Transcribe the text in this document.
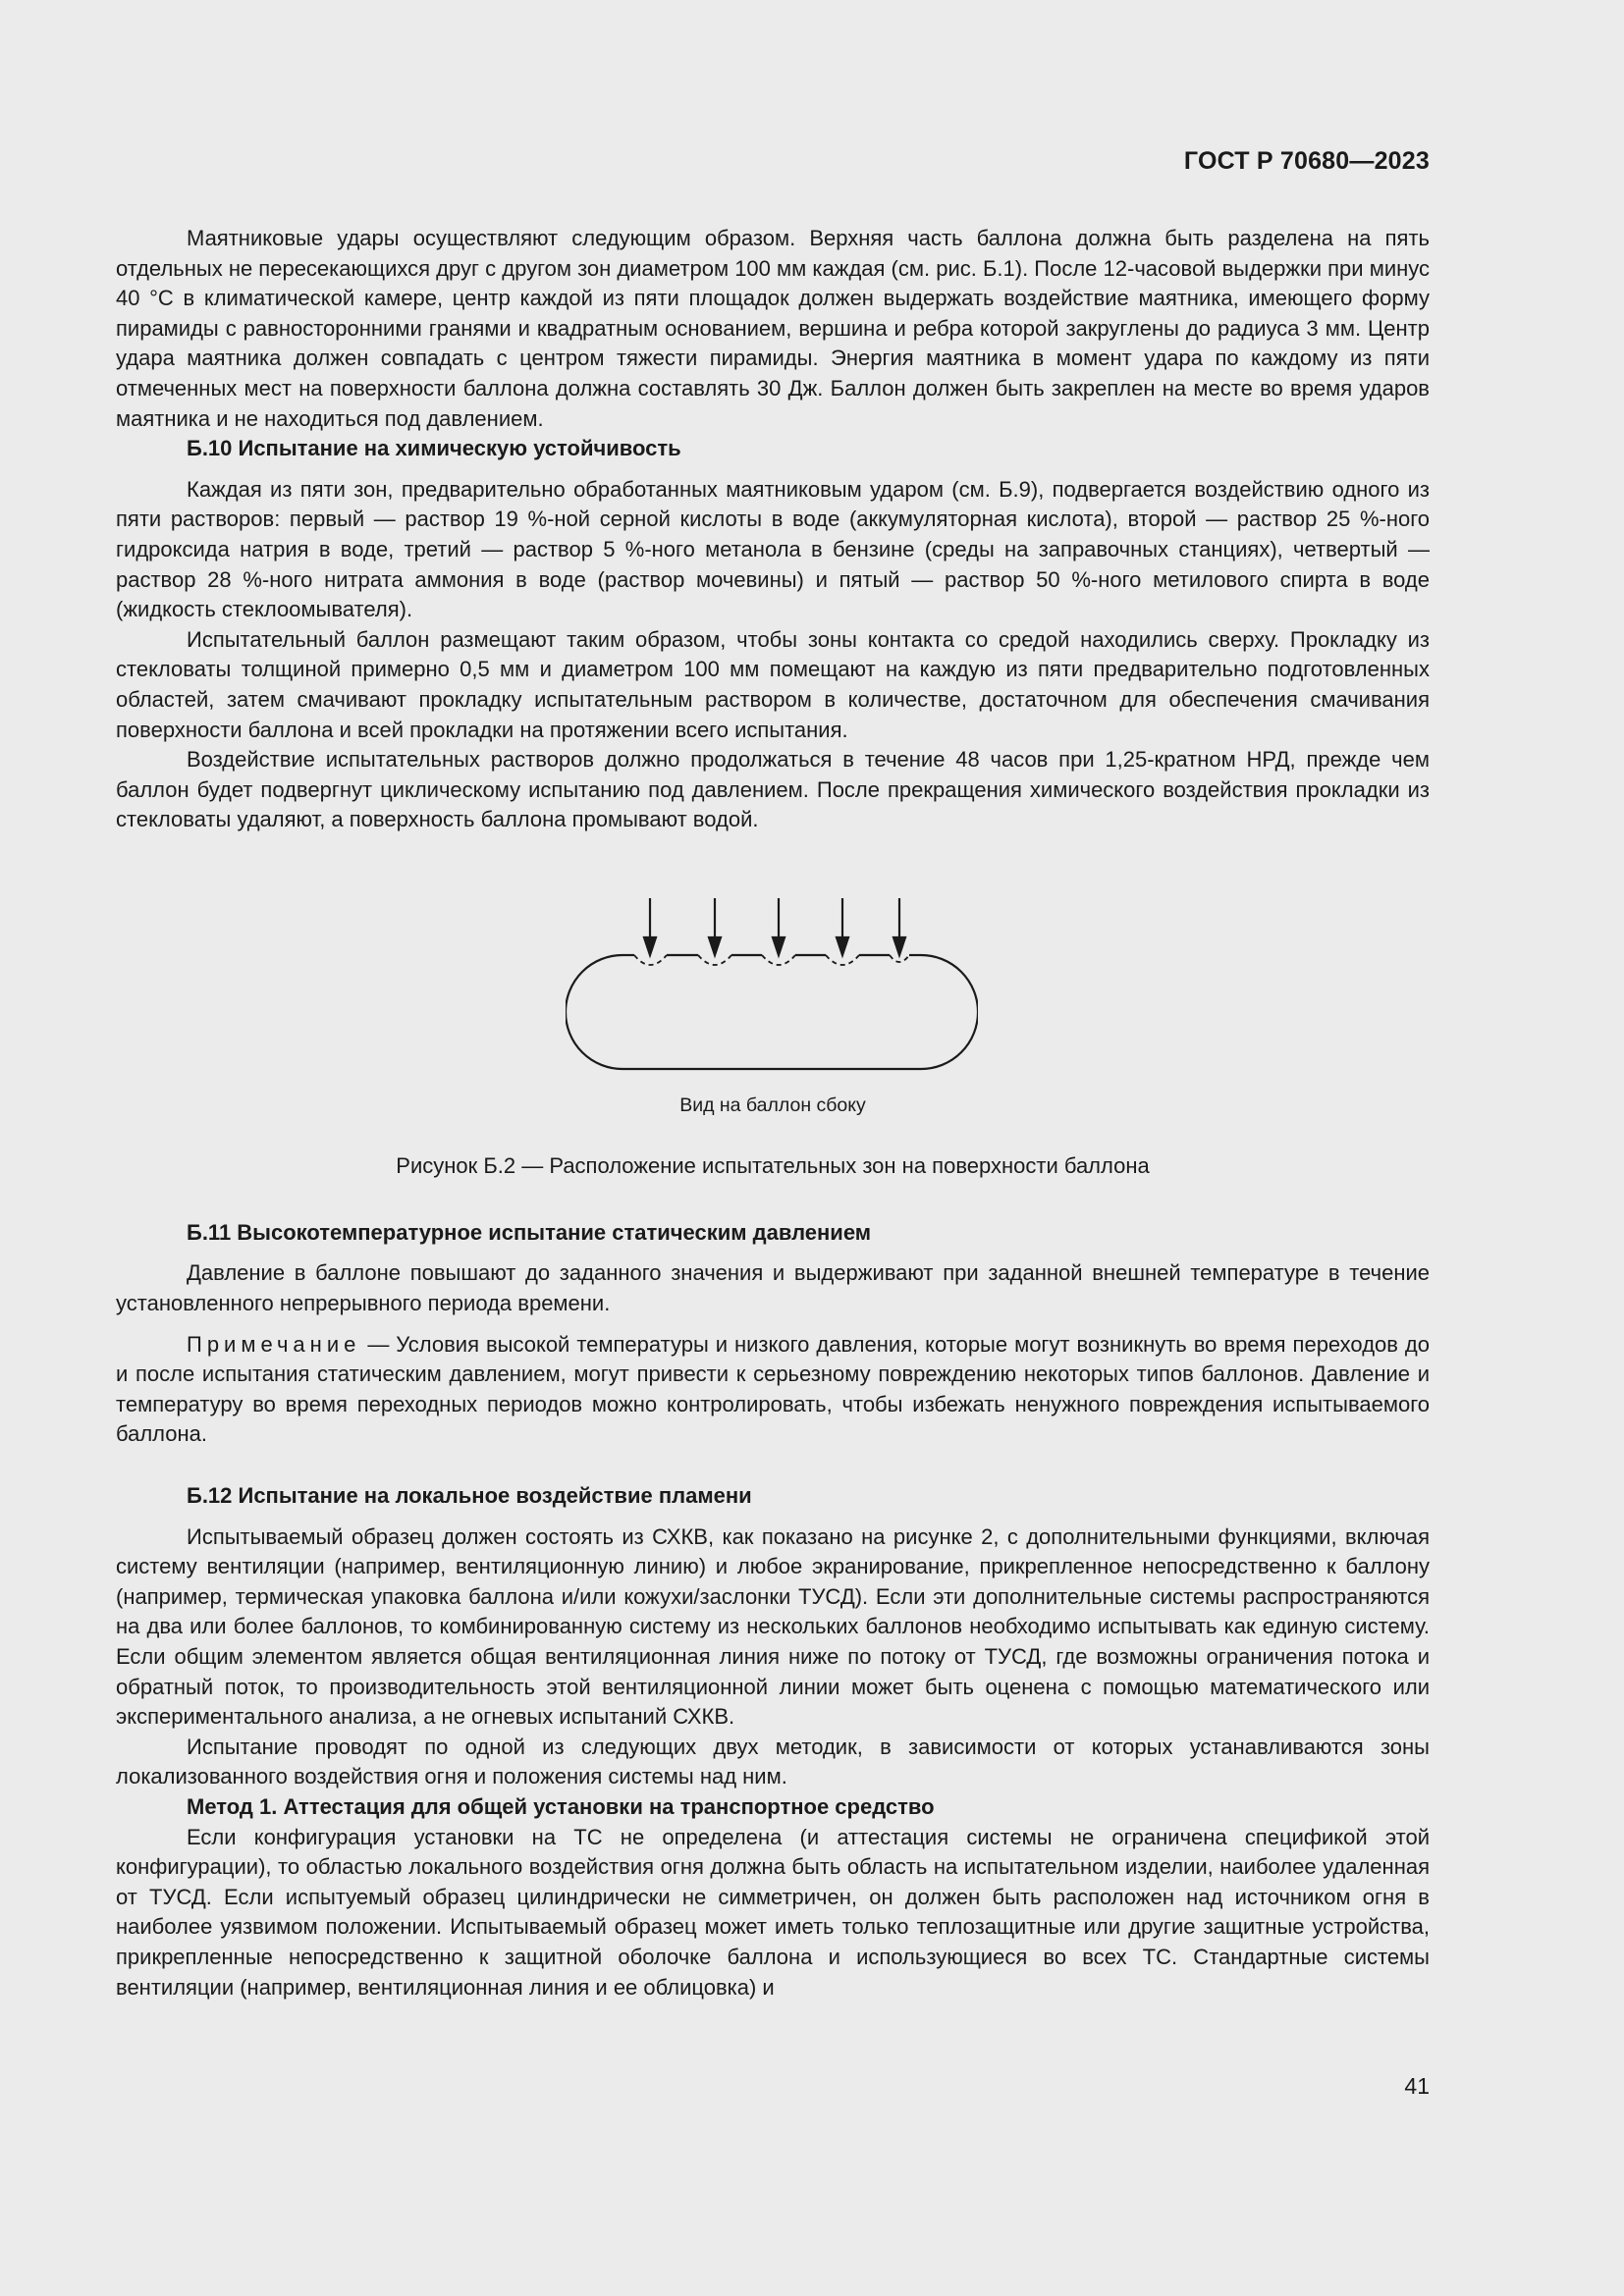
ГОСТ Р 70680—2023

Маятниковые удары осуществляют следующим образом. Верхняя часть баллона должна быть разделена на пять отдельных не пересекающихся друг с другом зон диаметром 100 мм каждая (см. рис. Б.1). После 12-часовой выдержки при минус 40 °С в климатической камере, центр каждой из пяти площадок должен выдержать воздействие маятника, имеющего форму пирамиды с равносторонними гранями и квадратным основанием, вершина и ребра которой закруглены до радиуса 3 мм. Центр удара маятника должен совпадать с центром тяжести пирамиды. Энергия маятника в момент удара по каждому из пяти отмеченных мест на поверхности баллона должна составлять 30 Дж. Баллон должен быть закреплен на месте во время ударов маятника и не находиться под давлением.

Б.10 Испытание на химическую устойчивость

Каждая из пяти зон, предварительно обработанных маятниковым ударом (см. Б.9), подвергается воздействию одного из пяти растворов: первый — раствор 19 %-ной серной кислоты в воде (аккумуляторная кислота), второй — раствор 25 %-ного гидроксида натрия в воде, третий — раствор 5 %-ного метанола в бензине (среды на заправочных станциях), четвертый — раствор 28 %-ного нитрата аммония в воде (раствор мочевины) и пятый — раствор 50 %-ного метилового спирта в воде (жидкость стеклоомывателя).

Испытательный баллон размещают таким образом, чтобы зоны контакта со средой находились сверху. Прокладку из стекловаты толщиной примерно 0,5 мм и диаметром 100 мм помещают на каждую из пяти предварительно подготовленных областей, затем смачивают прокладку испытательным раствором в количестве, достаточном для обеспечения смачивания поверхности баллона и всей прокладки на протяжении всего испытания.

Воздействие испытательных растворов должно продолжаться в течение 48 часов при 1,25-кратном НРД, прежде чем баллон будет подвергнут циклическому испытанию под давлением. После прекращения химического воздействия прокладки из стекловаты удаляют, а поверхность баллона промывают водой.

Вид на баллон сбоку
Рисунок Б.2 — Расположение испытательных зон на поверхности баллона
Б.11 Высокотемпературное испытание статическим давлением

Давление в баллоне повышают до заданного значения и выдерживают при заданной внешней температуре в течение установленного непрерывного периода времени.

Примечание — Условия высокой температуры и низкого давления, которые могут возникнуть во время переходов до и после испытания статическим давлением, могут привести к серьезному повреждению некоторых типов баллонов. Давление и температуру во время переходных периодов можно контролировать, чтобы избежать ненужного повреждения испытываемого баллона.

Б.12 Испытание на локальное воздействие пламени

Испытываемый образец должен состоять из СХКВ, как показано на рисунке 2, с дополнительными функциями, включая систему вентиляции (например, вентиляционную линию) и любое экранирование, прикрепленное непосредственно к баллону (например, термическая упаковка баллона и/или кожухи/заслонки ТУСД). Если эти дополнительные системы распространяются на два или более баллонов, то комбинированную систему из нескольких баллонов необходимо испытывать как единую систему. Если общим элементом является общая вентиляционная линия ниже по потоку от ТУСД, где возможны ограничения потока и обратный поток, то производительность этой вентиляционной линии может быть оценена с помощью математического или экспериментального анализа, а не огневых испытаний СХКВ.

Испытание проводят по одной из следующих двух методик, в зависимости от которых устанавливаются зоны локализованного воздействия огня и положения системы над ним.

Метод 1. Аттестация для общей установки на транспортное средство

Если конфигурация установки на ТС не определена (и аттестация системы не ограничена спецификой этой конфигурации), то областью локального воздействия огня должна быть область на испытательном изделии, наиболее удаленная от ТУСД. Если испытуемый образец цилиндрически не симметричен, он должен быть расположен над источником огня в наиболее уязвимом положении. Испытываемый образец может иметь только теплозащитные или другие защитные устройства, прикрепленные непосредственно к защитной оболочке баллона и использующиеся во всех ТС. Стандартные системы вентиляции (например, вентиляционная линия и ее облицовка) и

41
